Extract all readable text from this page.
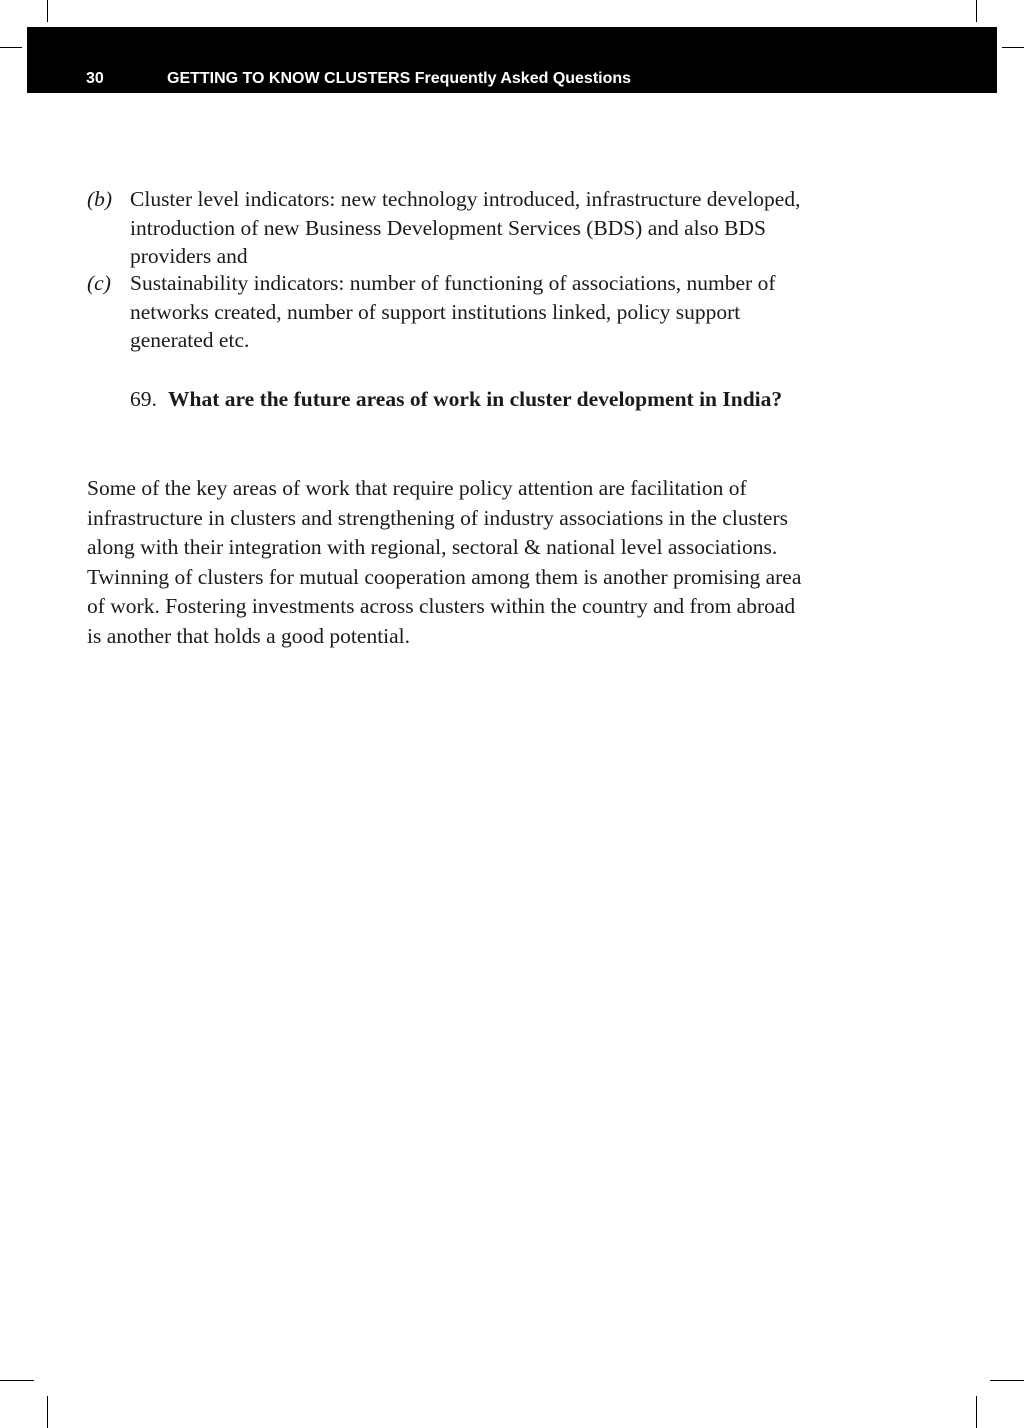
30	GETTING TO KNOW CLUSTERS Frequently Asked Questions
(b) Cluster level indicators: new technology introduced, infrastructure developed, introduction of new Business Development Services (BDS) and also BDS providers and
(c) Sustainability indicators: number of functioning of associations, number of networks created, number of support institutions linked, policy support generated etc.
69. What are the future areas of work in cluster development in India?
Some of the key areas of work that require policy attention are facilitation of infrastructure in clusters and strengthening of industry associations in the clusters along with their integration with regional, sectoral & national level associations. Twinning of clusters for mutual cooperation among them is another promising area of work. Fostering investments across clusters within the country and from abroad is another that holds a good potential.
